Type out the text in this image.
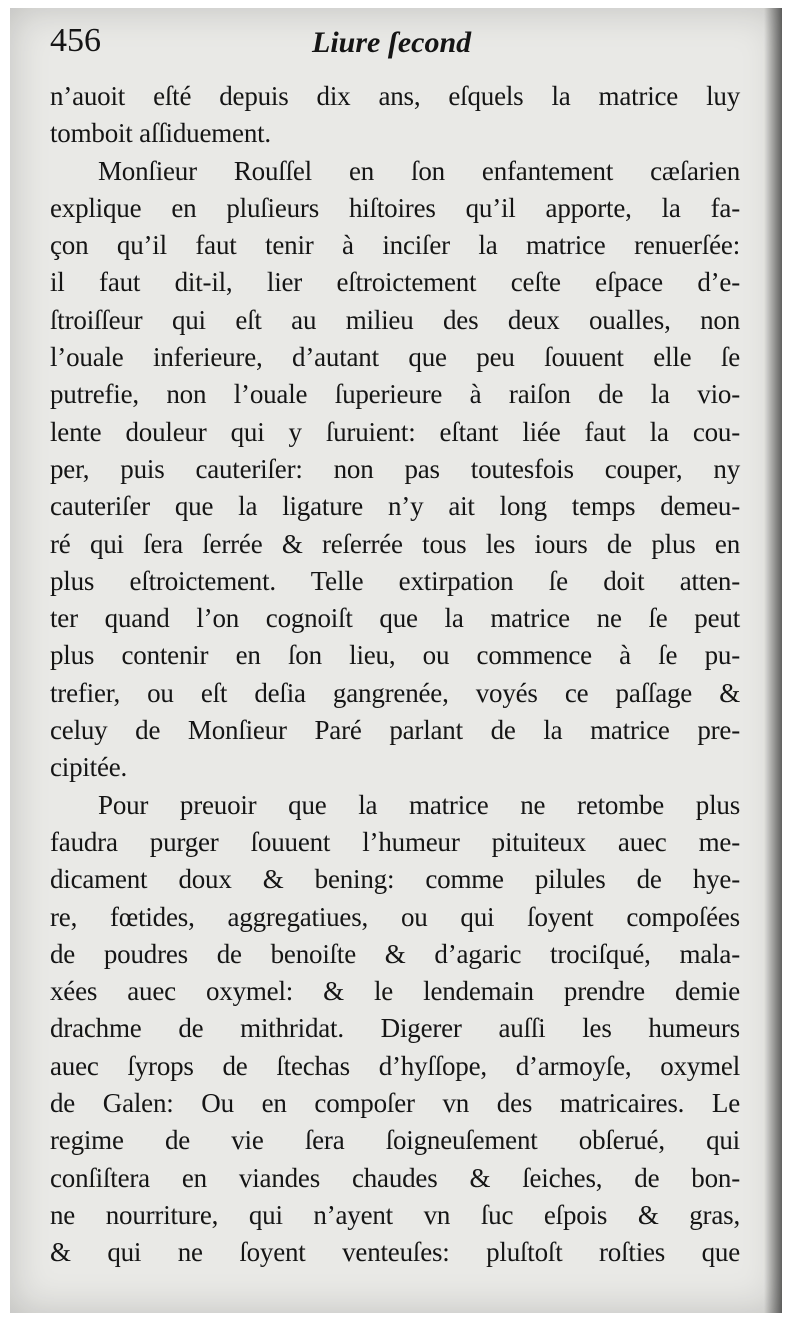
456	Liure ſecond
n’auoit eſté depuis dix ans, eſquels la matrice luy
tomboit aſſiduement.
Monſieur Rouſſel en ſon enfantement cæſarien
explique en pluſieurs hiſtoires qu’il apporte, la fa-
çon qu’il faut tenir à inciſer la matrice renuerſée:
il faut dit-il, lier eſtroictement ceſte eſpace d’e-
ſtroiſſeur qui eſt au milieu des deux oualles, non
l’ouale inferieure, d’autant que peu ſouuent elle ſe
putrefie, non l’ouale ſuperieure à raiſon de la vio-
lente douleur qui y ſuruient: eſtant liée faut la cou-
per, puis cauteriſer: non pas toutesfois couper, ny
cauteriſer que la ligature n’y ait long temps demeu-
ré qui ſera ſerrée & reſerrée tous les iours de plus en
plus eſtroictement. Telle extirpation ſe doit atten-
ter quand l’on cognoiſt que la matrice ne ſe peut
plus contenir en ſon lieu, ou commence à ſe pu-
trefier, ou eſt deſia gangrenée, voyés ce paſſage &
celuy de Monſieur Paré parlant de la matrice pre-
cipitée.
Pour preuoir que la matrice ne retombe plus
faudra purger ſouuent l’humeur pituiteux auec me-
dicament doux & bening: comme pilules de hye-
re, fœtides, aggregatiues, ou qui ſoyent compoſées
de poudres de benoiſte & d’agaric trociſqué, mala-
xées auec oxymel: & le lendemain prendre demie
drachme de mithridat. Digerer auſſi les humeurs
auec ſyrops de ſtechas d’hyſſope, d’armoyſe, oxymel
de Galen: Ou en compoſer vn des matricaires. Le
regime de vie ſera ſoigneuſement obſerué, qui
conſiſtera en viandes chaudes & ſeiches, de bon-
ne nourriture, qui n’ayent vn ſuc eſpois & gras,
& qui ne ſoyent venteuſes: pluſtoſt roſties que
